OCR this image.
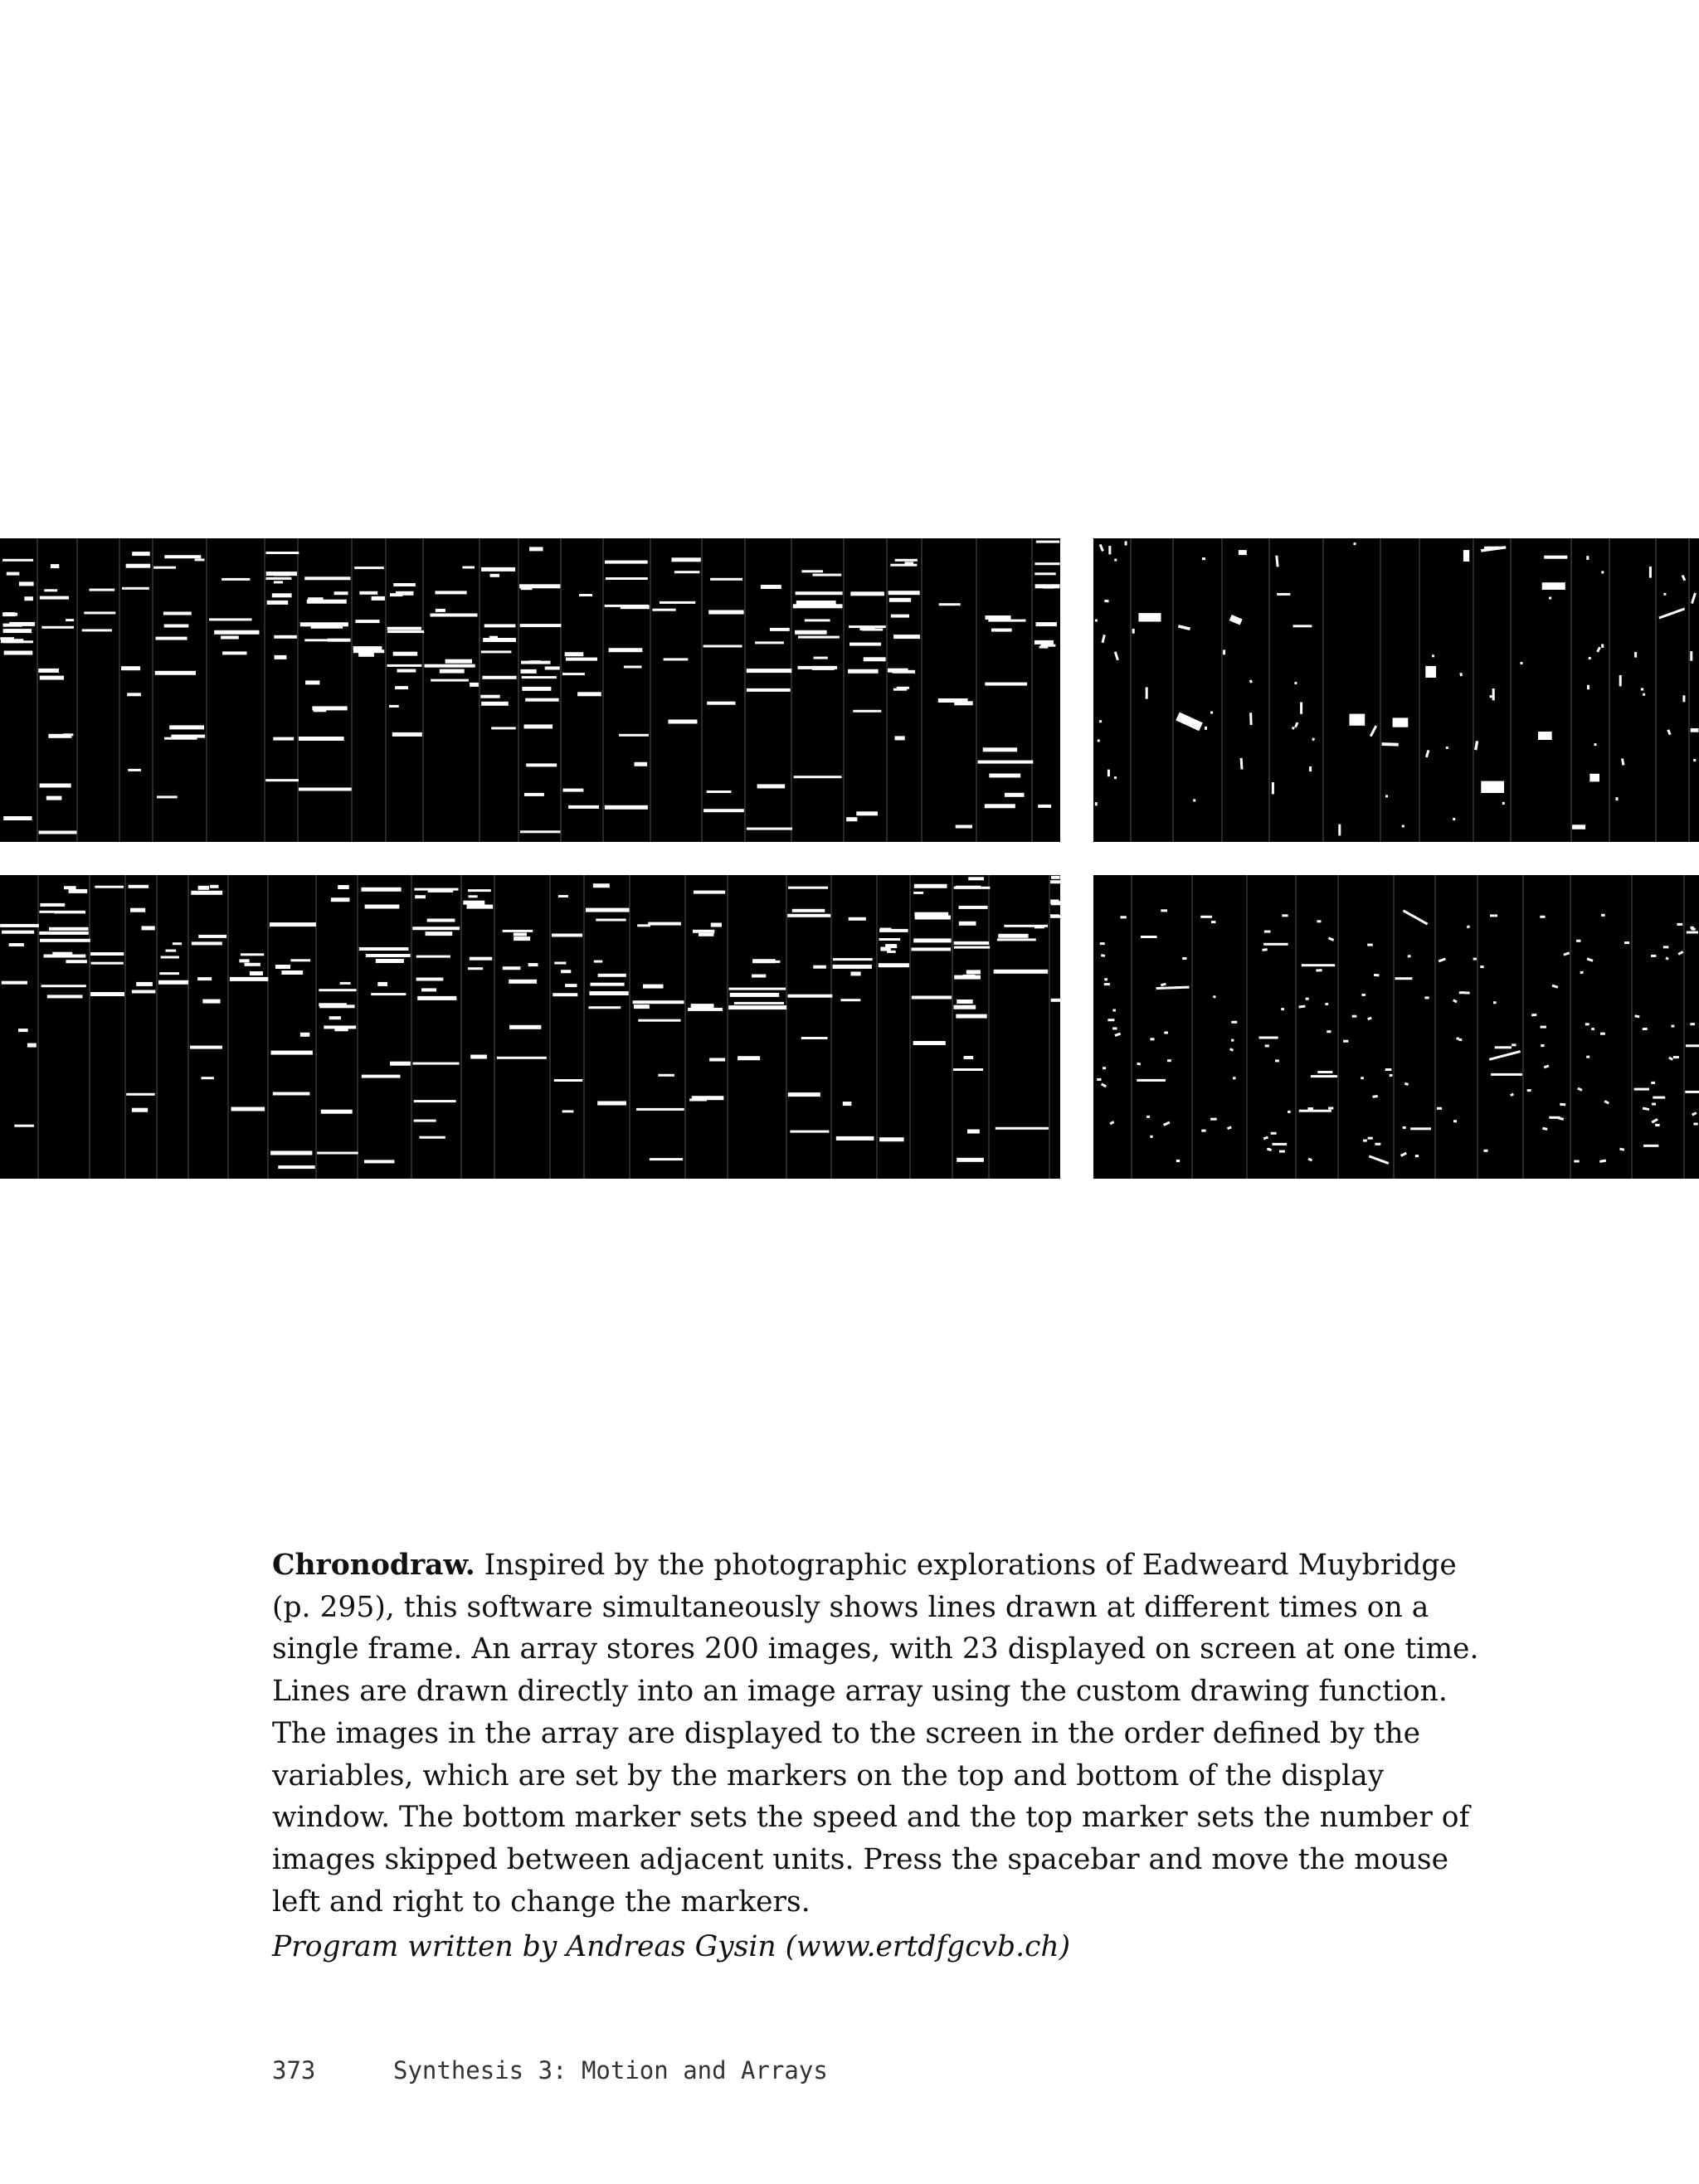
Chronodraw. Inspired by the photographic explorations of Eadweard Muybridge (p. 295), this software simultaneously shows lines drawn at different times on a single frame. An array stores 200 images, with 23 displayed on screen at one time. Lines are drawn directly into an image array using the custom drawing function. The images in the array are displayed to the screen in the order defined by the variables, which are set by the markers on the top and bottom of the display window. The bottom marker sets the speed and the top marker sets the number of images skipped between adjacent units. Press the spacebar and move the mouse left and right to change the markers.

Program written by Andreas Gysin (www.ertdfgcvb.ch)
373	Synthesis 3: Motion and Arrays
